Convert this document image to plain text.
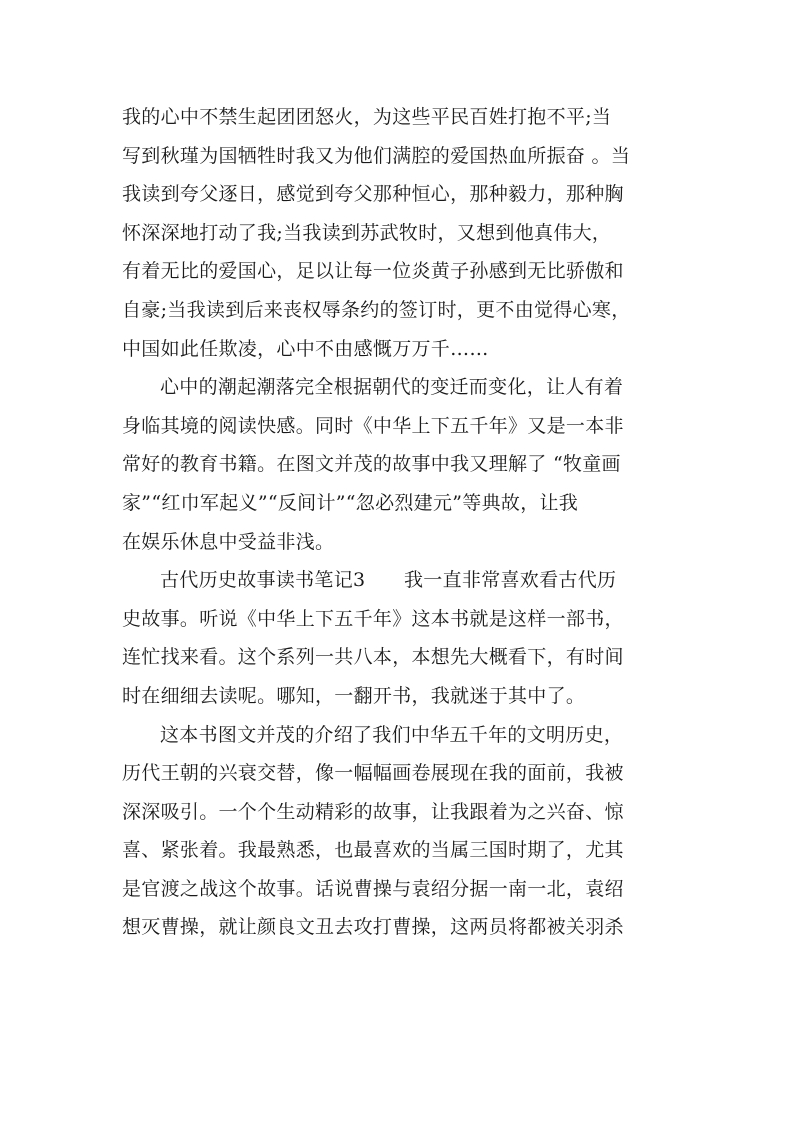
我的心中不禁生起团团怒火，为这些平民百姓打抱不平;当
写到秋瑾为国牺牲时我又为他们满腔的爱国热血所振奋 。当
我读到夸父逐日，感觉到夸父那种恒心，那种毅力，那种胸
怀深深地打动了我;当我读到苏武牧时，又想到他真伟大，
有着无比的爱国心，足以让每一位炎黄子孙感到无比骄傲和
自豪;当我读到后来丧权辱条约的签订时，更不由觉得心寒，
中国如此任欺凌，心中不由感慨万万千……
心中的潮起潮落完全根据朝代的变迁而变化，让人有着
身临其境的阅读快感。同时《中华上下五千年》又是一本非
常好的教育书籍。在图文并茂的故事中我又理解了 “牧童画
家”“红巾军起义”“反间计”“忽必烈建元”等典故，让我
在娱乐休息中受益非浅。
古代历史故事读书笔记3　　我一直非常喜欢看古代历
史故事。听说《中华上下五千年》这本书就是这样一部书，
连忙找来看。这个系列一共八本，本想先大概看下，有时间
时在细细去读呢。哪知，一翻开书，我就迷于其中了。
这本书图文并茂的介绍了我们中华五千年的文明历史，
历代王朝的兴衰交替，像一幅幅画卷展现在我的面前，我被
深深吸引。一个个生动精彩的故事，让我跟着为之兴奋、惊
喜、紧张着。我最熟悉，也最喜欢的当属三国时期了，尤其
是官渡之战这个故事。话说曹操与袁绍分据一南一北，袁绍
想灭曹操，就让颜良文丑去攻打曹操，这两员将都被关羽杀
